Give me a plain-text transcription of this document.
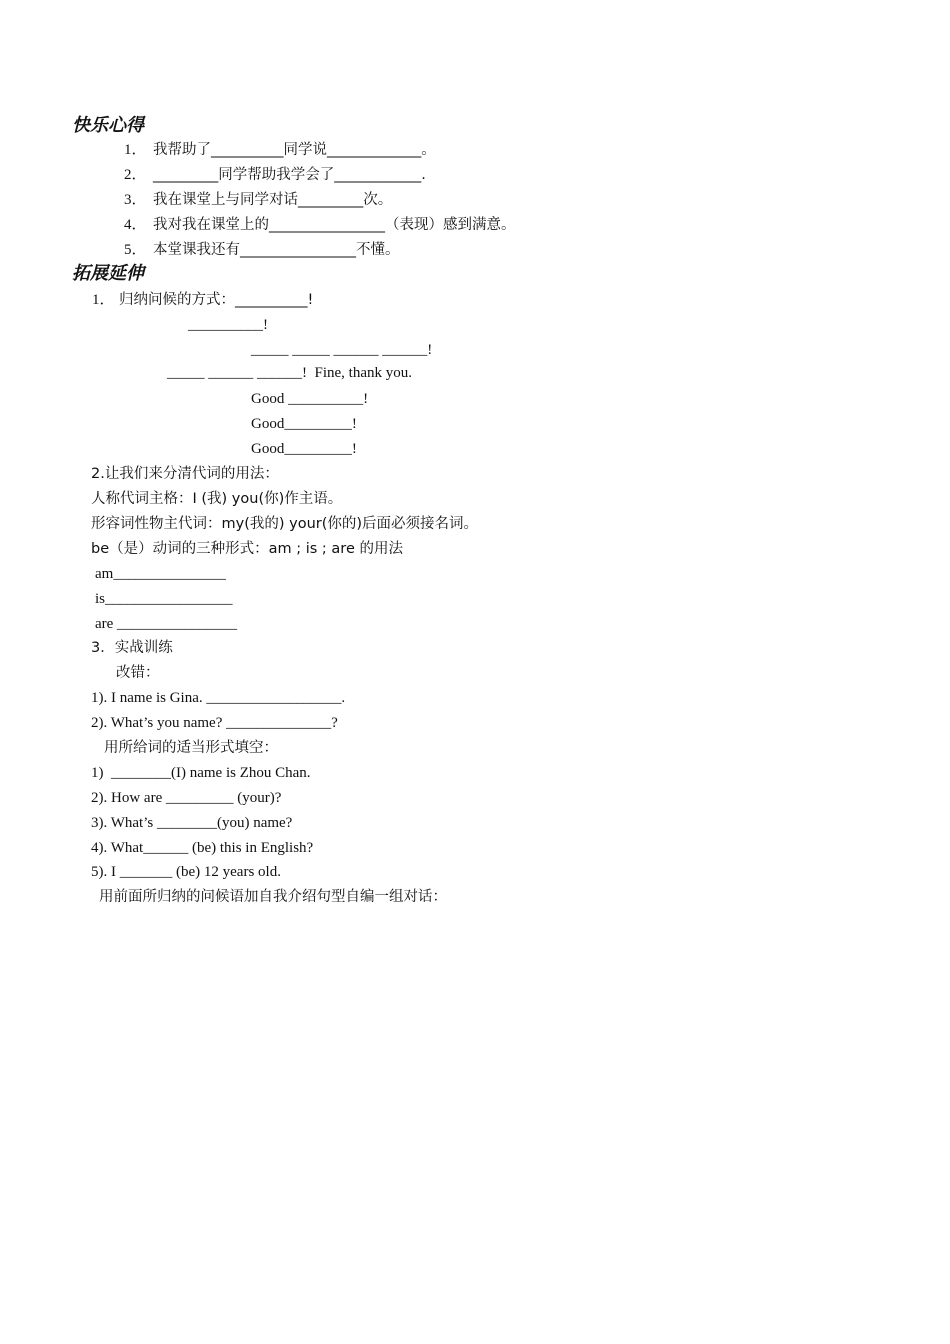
快乐心得
1． 我帮助了__________同学说_____________。
2． _________同学帮助我学会了____________.
3． 我在课堂上与同学对话_________次。
4． 我对我在课堂上的________________（表现）感到满意。
5． 本堂课我还有________________不懂。
拓展延伸
1． 归纳问候的方式：__________!
__________!
_____ _____ ______ ______!
_____ ______ ______!  Fine, thank you.
Good __________!
Good_________!
Good_________!
2.让我们来分清代词的用法：
人称代词主格：I (我) you(你)作主语。
形容词性物主代词：my(我的) your(你的)后面必须接名词。
be（是）动词的三种形式：am ; is ; are 的用法
am_______________
is_________________
are ________________
3．实战训练
改错：
1). I name is Gina. __________________.
2). What’s you name? ______________?
用所给词的适当形式填空：
1)  ________(I) name is Zhou Chan.
2). How are _________ (your)?
3). What’s ________(you) name?
4). What______ (be) this in English?
5). I _______ (be) 12 years old.
用前面所归纳的问候语加自我介绍句型自编一组对话：
